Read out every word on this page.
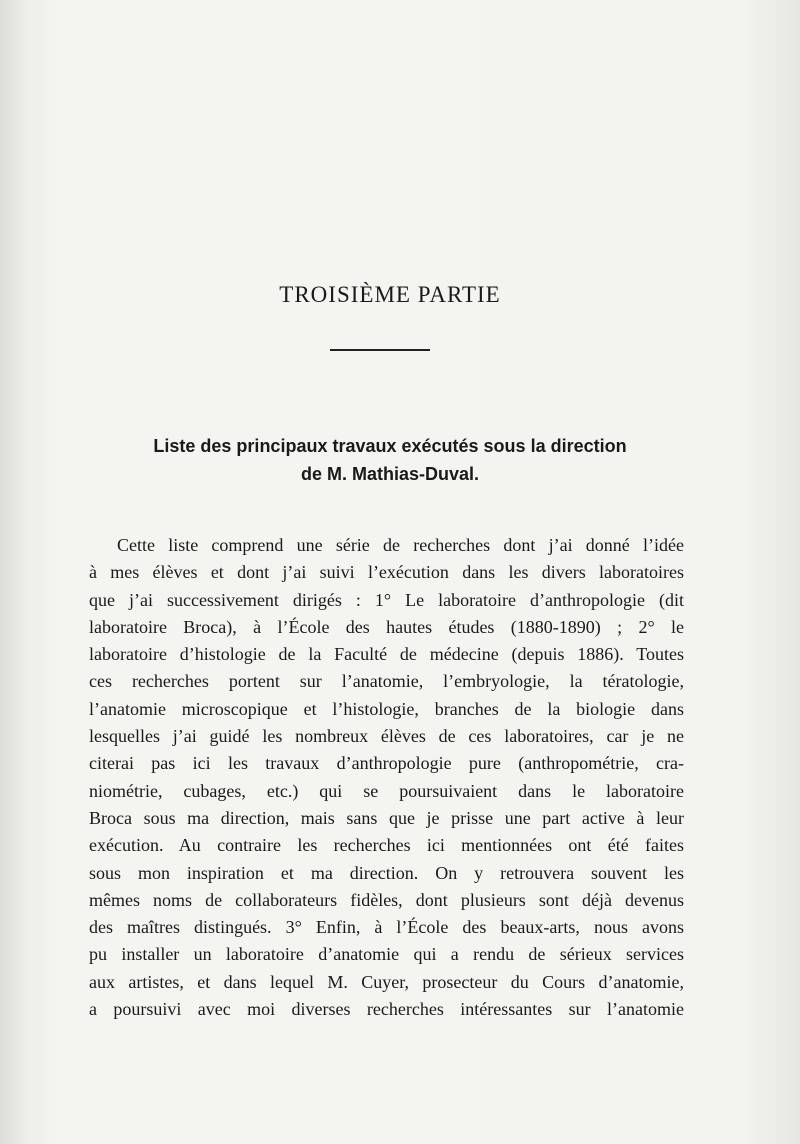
TROISIÈME PARTIE
Liste des principaux travaux exécutés sous la direction
de M. Mathias-Duval.
Cette liste comprend une série de recherches dont j’ai donné l’idée
à mes élèves et dont j’ai suivi l’exécution dans les divers laboratoires
que j’ai successivement dirigés : 1° Le laboratoire d’anthropologie (dit
laboratoire Broca), à l’École des hautes études (1880-1890) ; 2° le
laboratoire d’histologie de la Faculté de médecine (depuis 1886). Toutes
ces recherches portent sur l’anatomie, l’embryologie, la tératologie,
l’anatomie microscopique et l’histologie, branches de la biologie dans
lesquelles j’ai guidé les nombreux élèves de ces laboratoires, car je ne
citerai pas ici les travaux d’anthropologie pure (anthropométrie, cra-
niométrie, cubages, etc.) qui se poursuivaient dans le laboratoire
Broca sous ma direction, mais sans que je prisse une part active à leur
exécution. Au contraire les recherches ici mentionnées ont été faites
sous mon inspiration et ma direction. On y retrouvera souvent les
mêmes noms de collaborateurs fidèles, dont plusieurs sont déjà devenus
des maîtres distingués. 3° Enfin, à l’École des beaux-arts, nous avons
pu installer un laboratoire d’anatomie qui a rendu de sérieux services
aux artistes, et dans lequel M. Cuyer, prosecteur du Cours d’anatomie,
a poursuivi avec moi diverses recherches intéressantes sur l’anatomie
